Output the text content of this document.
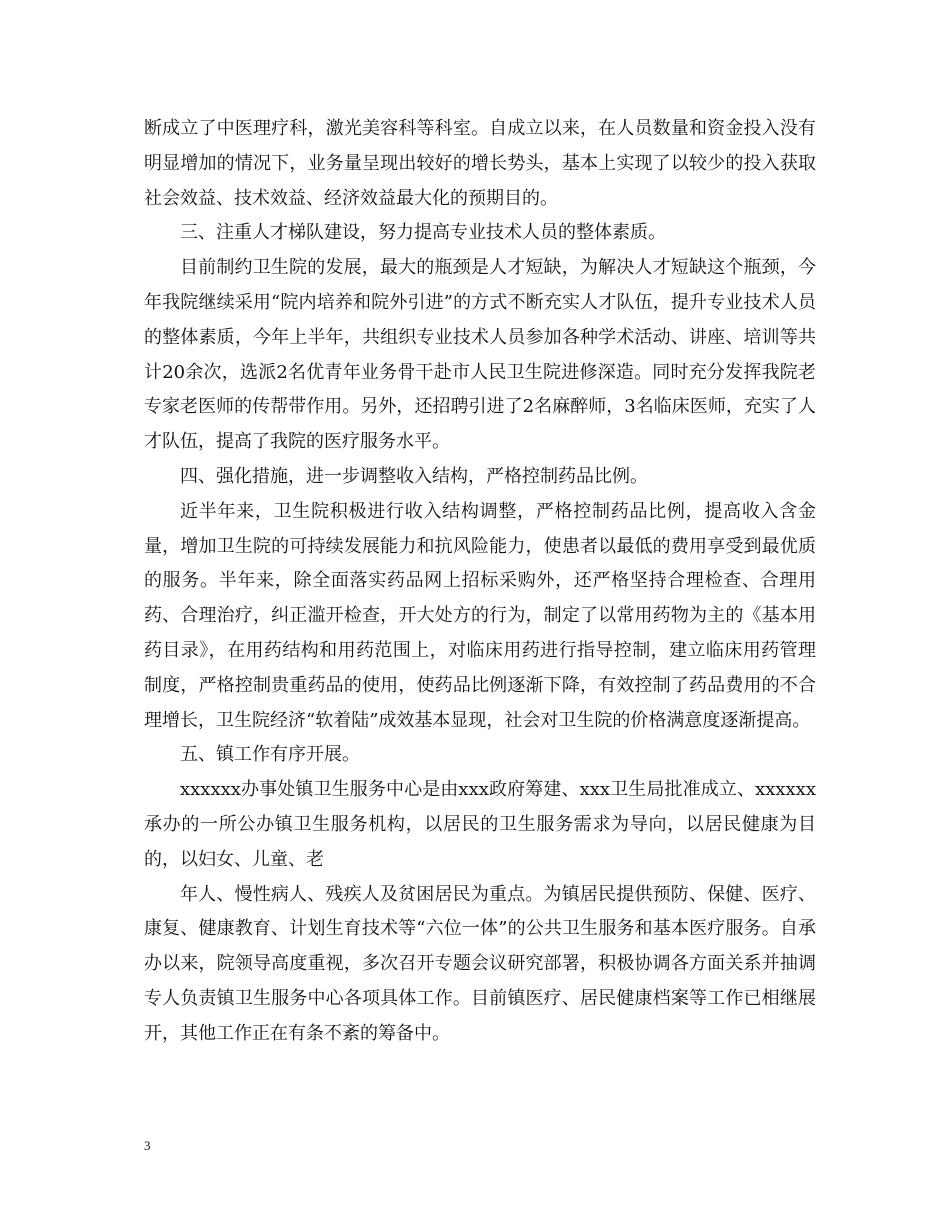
断成立了中医理疗科，激光美容科等科室。自成立以来，在人员数量和资金投入没有明显增加的情况下，业务量呈现出较好的增长势头，基本上实现了以较少的投入获取社会效益、技术效益、经济效益最大化的预期目的。

三、注重人才梯队建设，努力提高专业技术人员的整体素质。

目前制约卫生院的发展，最大的瓶颈是人才短缺，为解决人才短缺这个瓶颈，今年我院继续采用“院内培养和院外引进”的方式不断充实人才队伍，提升专业技术人员的整体素质，今年上半年，共组织专业技术人员参加各种学术活动、讲座、培训等共计20余次，选派2名优青年业务骨干赴市人民卫生院进修深造。同时充分发挥我院老专家老医师的传帮带作用。另外，还招聘引进了2名麻醉师，3名临床医师，充实了人才队伍，提高了我院的医疗服务水平。

四、强化措施，进一步调整收入结构，严格控制药品比例。

近半年来，卫生院积极进行收入结构调整，严格控制药品比例，提高收入含金量，增加卫生院的可持续发展能力和抗风险能力，使患者以最低的费用享受到最优质的服务。半年来，除全面落实药品网上招标采购外，还严格坚持合理检查、合理用药、合理治疗，纠正滥开检查，开大处方的行为，制定了以常用药物为主的《基本用药目录》，在用药结构和用药范围上，对临床用药进行指导控制，建立临床用药管理制度，严格控制贵重药品的使用，使药品比例逐渐下降，有效控制了药品费用的不合理增长，卫生院经济“软着陆”成效基本显现，社会对卫生院的价格满意度逐渐提高。

五、镇工作有序开展。

xxxxxx办事处镇卫生服务中心是由xxx政府筹建、xxx卫生局批准成立、xxxxxx承办的一所公办镇卫生服务机构，以居民的卫生服务需求为导向，以居民健康为目的，以妇女、儿童、老

年人、慢性病人、残疾人及贫困居民为重点。为镇居民提供预防、保健、医疗、康复、健康教育、计划生育技术等“六位一体”的公共卫生服务和基本医疗服务。自承办以来，院领导高度重视，多次召开专题会议研究部署，积极协调各方面关系并抽调专人负责镇卫生服务中心各项具体工作。目前镇医疗、居民健康档案等工作已相继展开，其他工作正在有条不紊的筹备中。

3
